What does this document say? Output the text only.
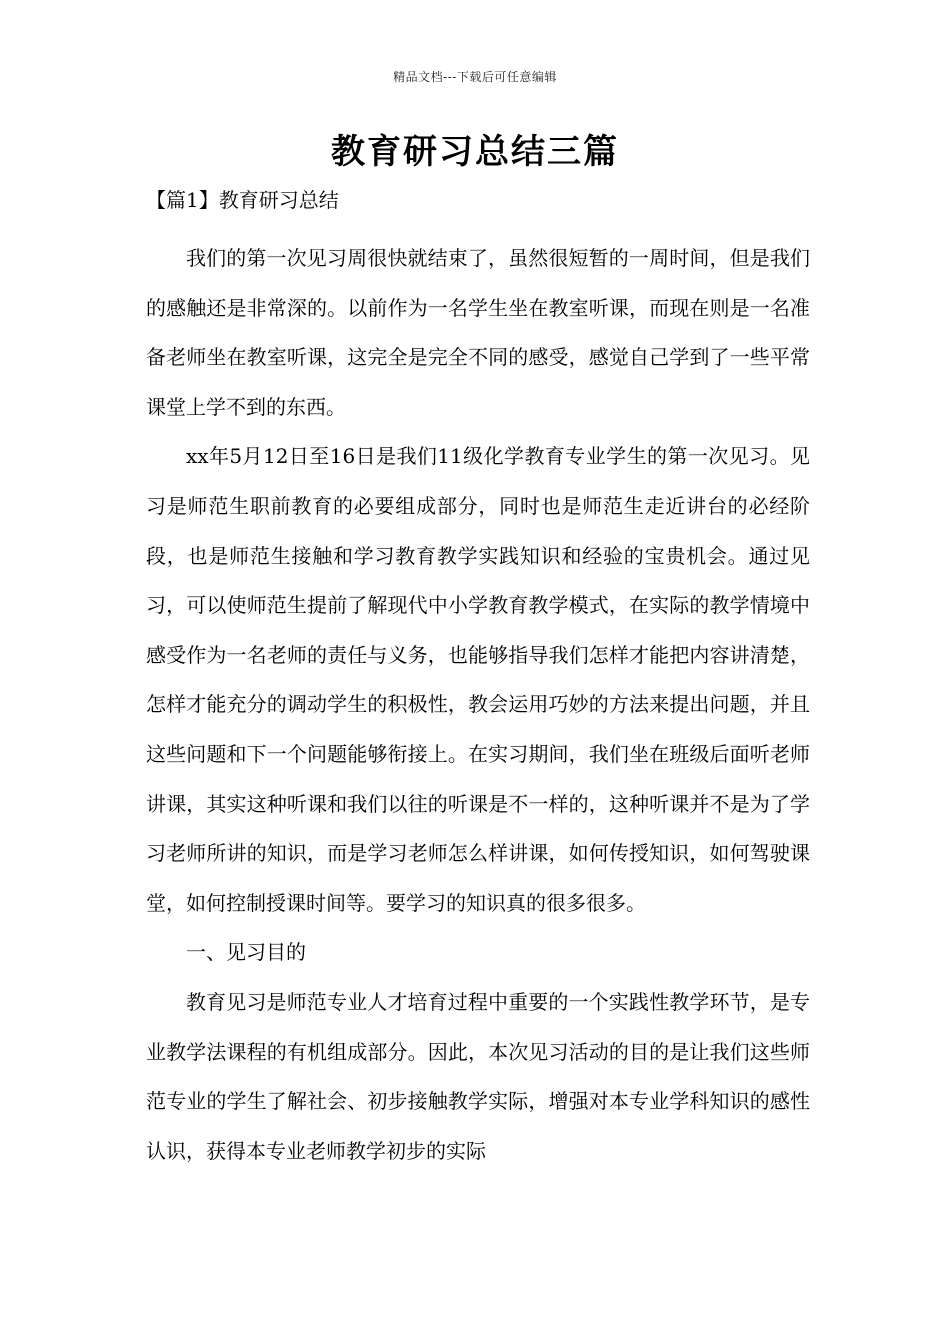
精品文档---下载后可任意编辑
教育研习总结三篇
【篇1】教育研习总结

我们的第一次见习周很快就结束了，虽然很短暂的一周时间，但是我们的感触还是非常深的。以前作为一名学生坐在教室听课，而现在则是一名准备老师坐在教室听课，这完全是完全不同的感受，感觉自己学到了一些平常课堂上学不到的东西。

xx年5月12日至16日是我们11级化学教育专业学生的第一次见习。见习是师范生职前教育的必要组成部分，同时也是师范生走近讲台的必经阶段，也是师范生接触和学习教育教学实践知识和经验的宝贵机会。通过见习，可以使师范生提前了解现代中小学教育教学模式，在实际的教学情境中感受作为一名老师的责任与义务，也能够指导我们怎样才能把内容讲清楚，怎样才能充分的调动学生的积极性，教会运用巧妙的方法来提出问题，并且这些问题和下一个问题能够衔接上。在实习期间，我们坐在班级后面听老师讲课，其实这种听课和我们以往的听课是不一样的，这种听课并不是为了学习老师所讲的知识，而是学习老师怎么样讲课，如何传授知识，如何驾驶课堂，如何控制授课时间等。要学习的知识真的很多很多。

一、见习目的

教育见习是师范专业人才培育过程中重要的一个实践性教学环节，是专业教学法课程的有机组成部分。因此，本次见习活动的目的是让我们这些师范专业的学生了解社会、初步接触教学实际，增强对本专业学科知识的感性认识，获得本专业老师教学初步的实际
